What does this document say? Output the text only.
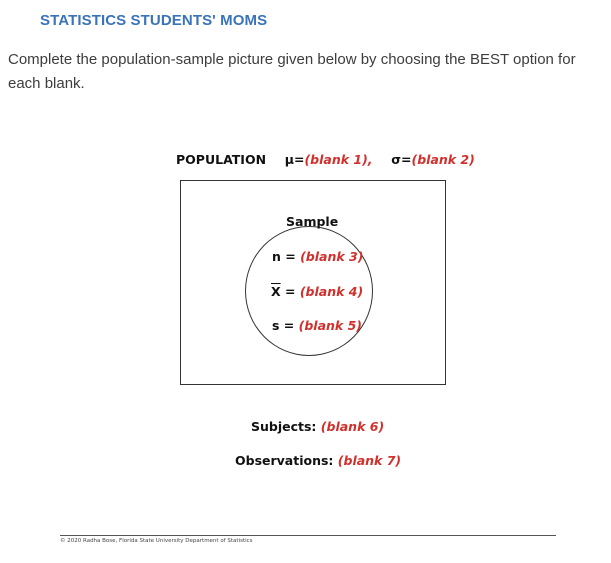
STATISTICS STUDENTS' MOMS
Complete the population-sample picture given below by choosing the BEST option for each blank.
POPULATION μ=(blank 1), σ=(blank 2)
Sample
n = (blank 3)
$\overline{X}$ = (blank 4)
s = (blank 5)
Subjects: (blank 6)
Observations: (blank 7)
© 2020 Radha Bose, Florida State University Department of Statistics
